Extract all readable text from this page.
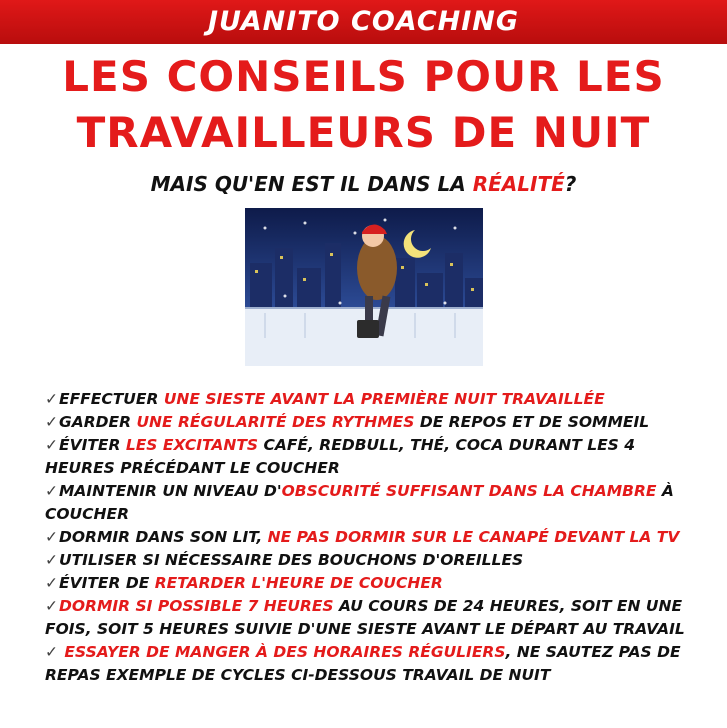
JUANITO COACHING
LES CONSEILS POUR LES
TRAVAILLEURS DE NUIT
MAIS QU'EN EST IL DANS LA RÉALITÉ?
✓EFFECTUER UNE SIESTE AVANT LA PREMIÈRE NUIT TRAVAILLÉE
✓GARDER UNE RÉGULARITÉ DES RYTHMES DE REPOS ET DE SOMMEIL
✓ÉVITER LES EXCITANTS CAFÉ, REDBULL, THÉ, COCA DURANT LES 4 HEURES PRÉCÉDANT LE COUCHER
✓MAINTENIR UN NIVEAU D'OBSCURITÉ SUFFISANT DANS LA CHAMBRE À COUCHER
✓DORMIR DANS SON LIT, NE PAS DORMIR SUR LE CANAPÉ DEVANT LA TV
✓UTILISER SI NÉCESSAIRE DES BOUCHONS D'OREILLES
✓ÉVITER DE RETARDER L'HEURE DE COUCHER
✓DORMIR SI POSSIBLE 7 HEURES AU COURS DE 24 HEURES, SOIT EN UNE FOIS, SOIT 5 HEURES SUIVIE D'UNE SIESTE AVANT LE DÉPART AU TRAVAIL
✓ ESSAYER DE MANGER À DES HORAIRES RÉGULIERS, NE SAUTEZ PAS DE REPAS EXEMPLE DE CYCLES CI-DESSOUS TRAVAIL DE NUIT
